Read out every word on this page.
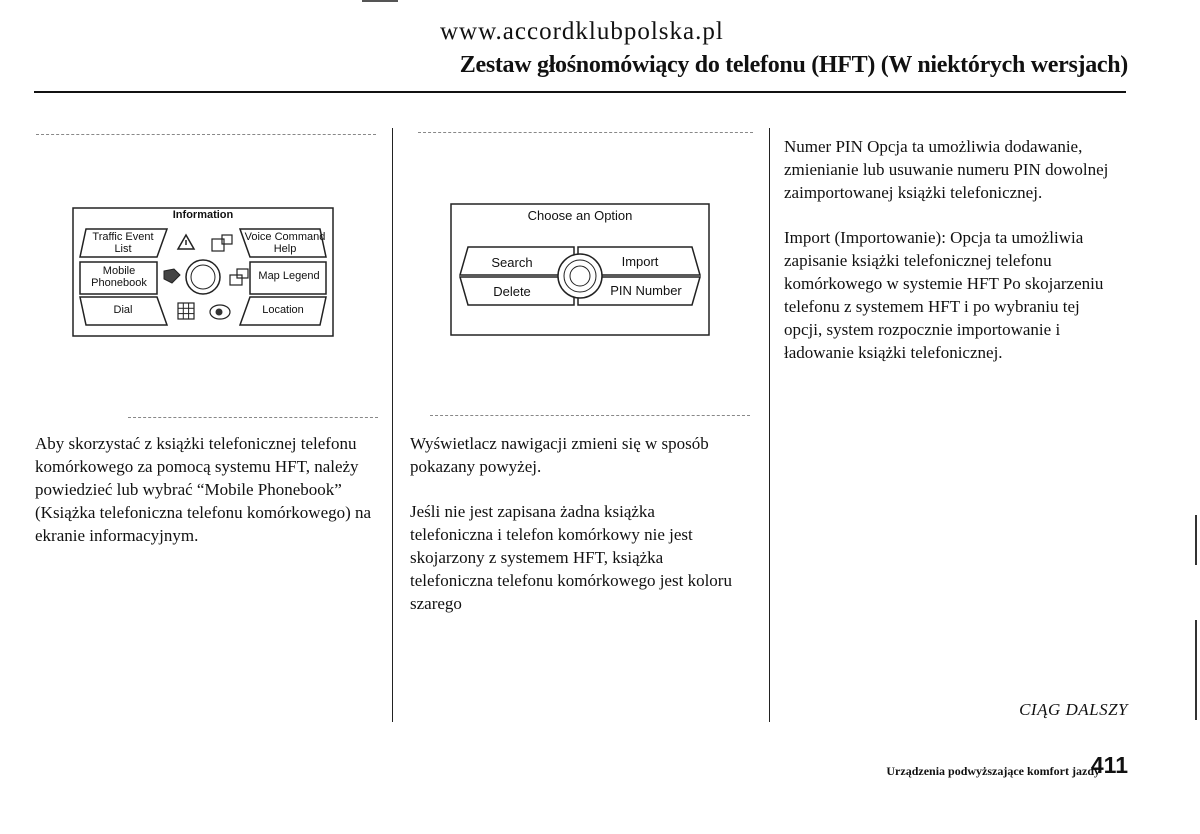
www.accordklubpolska.pl
Zestaw głośnomówiący do telefonu (HFT) (W niektórych wersjach)
Information
Traffic Event List
Mobile Phonebook
Dial
Voice Command Help
Map Legend
Location
Choose an Option
Search	Import
Delete	PIN Number

Aby skorzystać z książki telefonicznej telefonu komórkowego za pomocą systemu HFT, należy powiedzieć lub wybrać “Mobile Phonebook” (Książka telefoniczna telefonu komórkowego) na ekranie informacyjnym.

Wyświetlacz nawigacji zmieni się w sposób pokazany powyżej.

Jeśli nie jest zapisana żadna książka telefoniczna i telefon komórkowy nie jest skojarzony z systemem HFT, książka telefoniczna telefonu komórkowego jest koloru szarego

Numer PIN Opcja ta umożliwia dodawanie, zmienianie lub usuwanie numeru PIN dowolnej zaimportowanej książki telefonicznej.

Import (Importowanie): Opcja ta umożliwia zapisanie książki telefonicznej telefonu komórkowego w systemie HFT Po skojarzeniu telefonu z systemem HFT i po wybraniu tej opcji, system rozpocznie importowanie i ładowanie książki telefonicznej.

CIĄG DALSZY
Urządzenia podwyższające komfort jazdy
411
